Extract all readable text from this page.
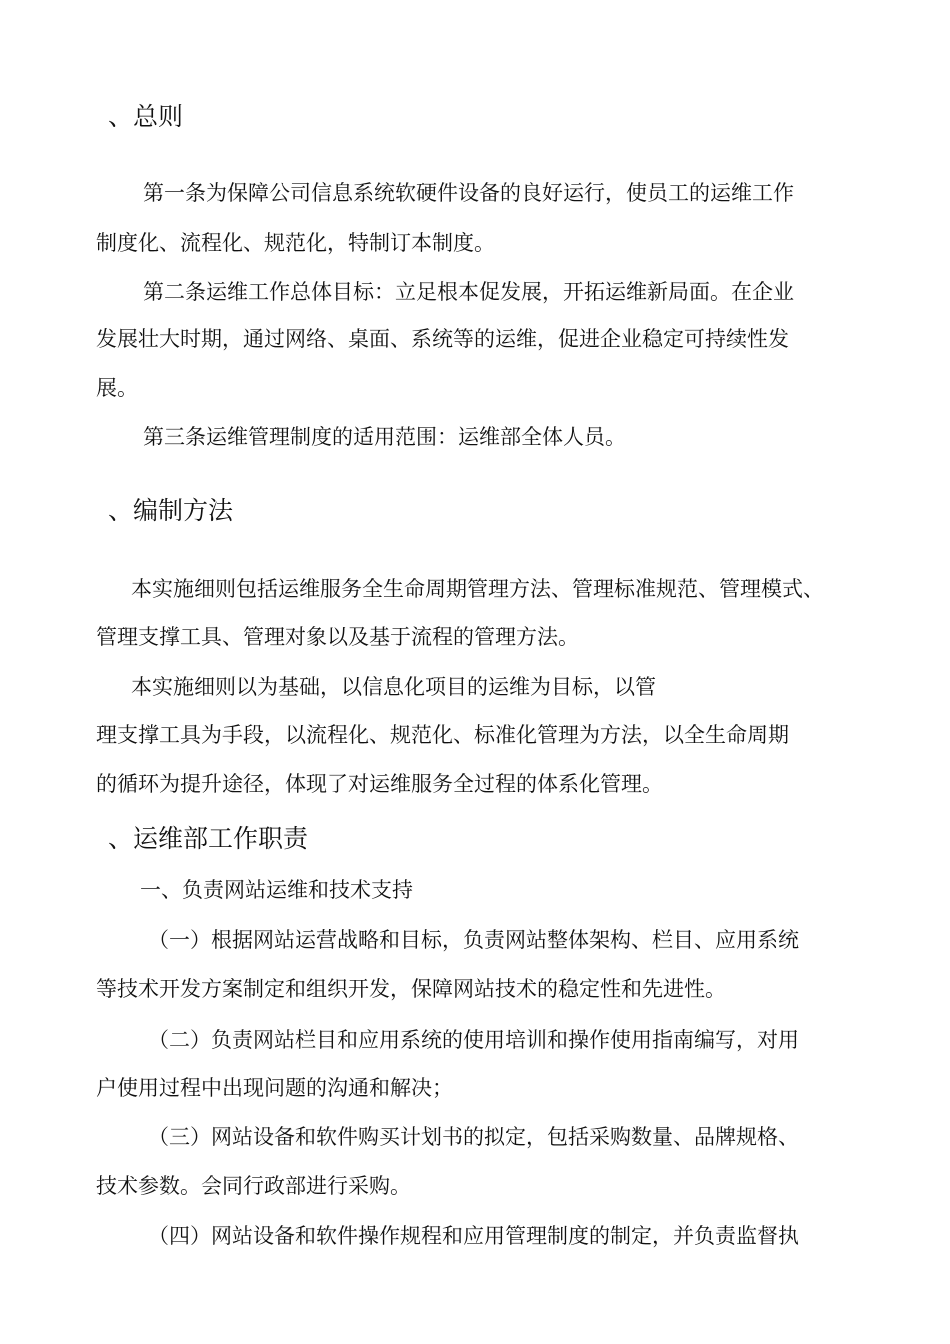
、总则
第一条为保障公司信息系统软硬件设备的良好运行，使员工的运维工作
制度化、流程化、规范化，特制订本制度。
第二条运维工作总体目标：立足根本促发展，开拓运维新局面。在企业
发展壮大时期，通过网络、桌面、系统等的运维，促进企业稳定可持续性发
展。
第三条运维管理制度的适用范围：运维部全体人员。
、编制方法
本实施细则包括运维服务全生命周期管理方法、管理标准规范、管理模式、
管理支撑工具、管理对象以及基于流程的管理方法。
本实施细则以为基础，以信息化项目的运维为目标，以管
理支撑工具为手段，以流程化、规范化、标准化管理为方法，以全生命周期
的循环为提升途径，体现了对运维服务全过程的体系化管理。
、运维部工作职责
一、负责网站运维和技术支持
（一）根据网站运营战略和目标，负责网站整体架构、栏目、应用系统
等技术开发方案制定和组织开发，保障网站技术的稳定性和先进性。
（二）负责网站栏目和应用系统的使用培训和操作使用指南编写，对用
户使用过程中出现问题的沟通和解决；
（三）网站设备和软件购买计划书的拟定，包括采购数量、品牌规格、
技术参数。会同行政部进行采购。
（四）网站设备和软件操作规程和应用管理制度的制定，并负责监督执
